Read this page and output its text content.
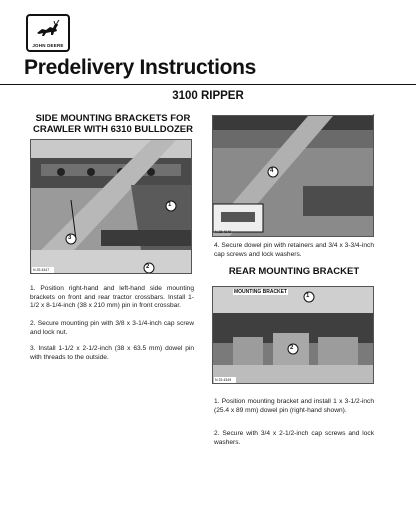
JOHN DEERE
Predelivery Instructions
3100 RIPPER
SIDE MOUNTING BRACKETS FOR
CRAWLER WITH 6310 BULLDOZER
1
3
2
N 25 4347
4
N 25 4348
’

4. Secure dowel pin with retainers and 3/4 x 3-3/4-inch cap screws and lock washers.

REAR MOUNTING BRACKET
MOUNTING BRACKET
1
2
N 25 4349

1. Position right-hand and left-hand side mounting brackets on front and rear tractor crossbars. Install 1-1/2 x 8-1/4-inch (38 x 210 mm) pin in front crossbar.

2. Secure mounting pin with 3/8 x 3-1/4-inch cap screw and lock nut.

3. Install 1-1/2 x 2-1/2-inch (38 x 63.5 mm) dowel pin with threads to the outside.

1. Position mounting bracket and install 1 x 3-1/2-inch (25.4 x 89 mm) dowel pin (right-hand shown).

2. Secure with 3/4 x 2-1/2-inch cap screws and lock washers.
